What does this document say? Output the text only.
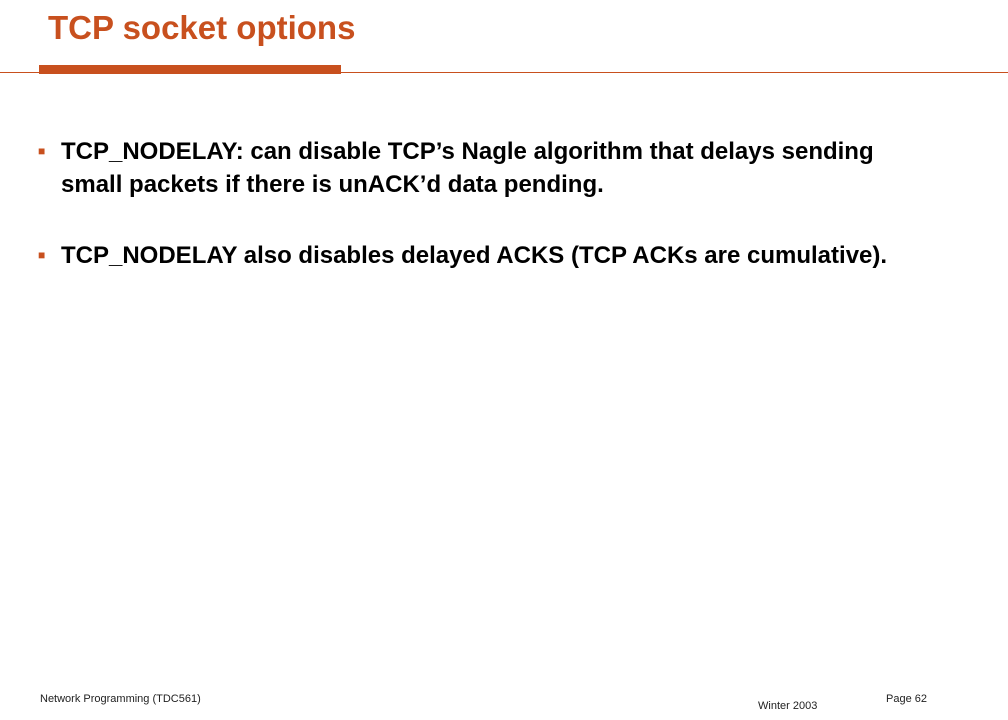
TCP socket options
■ TCP_NODELAY: can disable TCP’s Nagle algorithm that delays sending small packets if there is unACK’d data pending.
■ TCP_NODELAY also disables delayed ACKS (TCP ACKs are cumulative).
Network Programming (TDC561)
Winter 2003
Page 62
